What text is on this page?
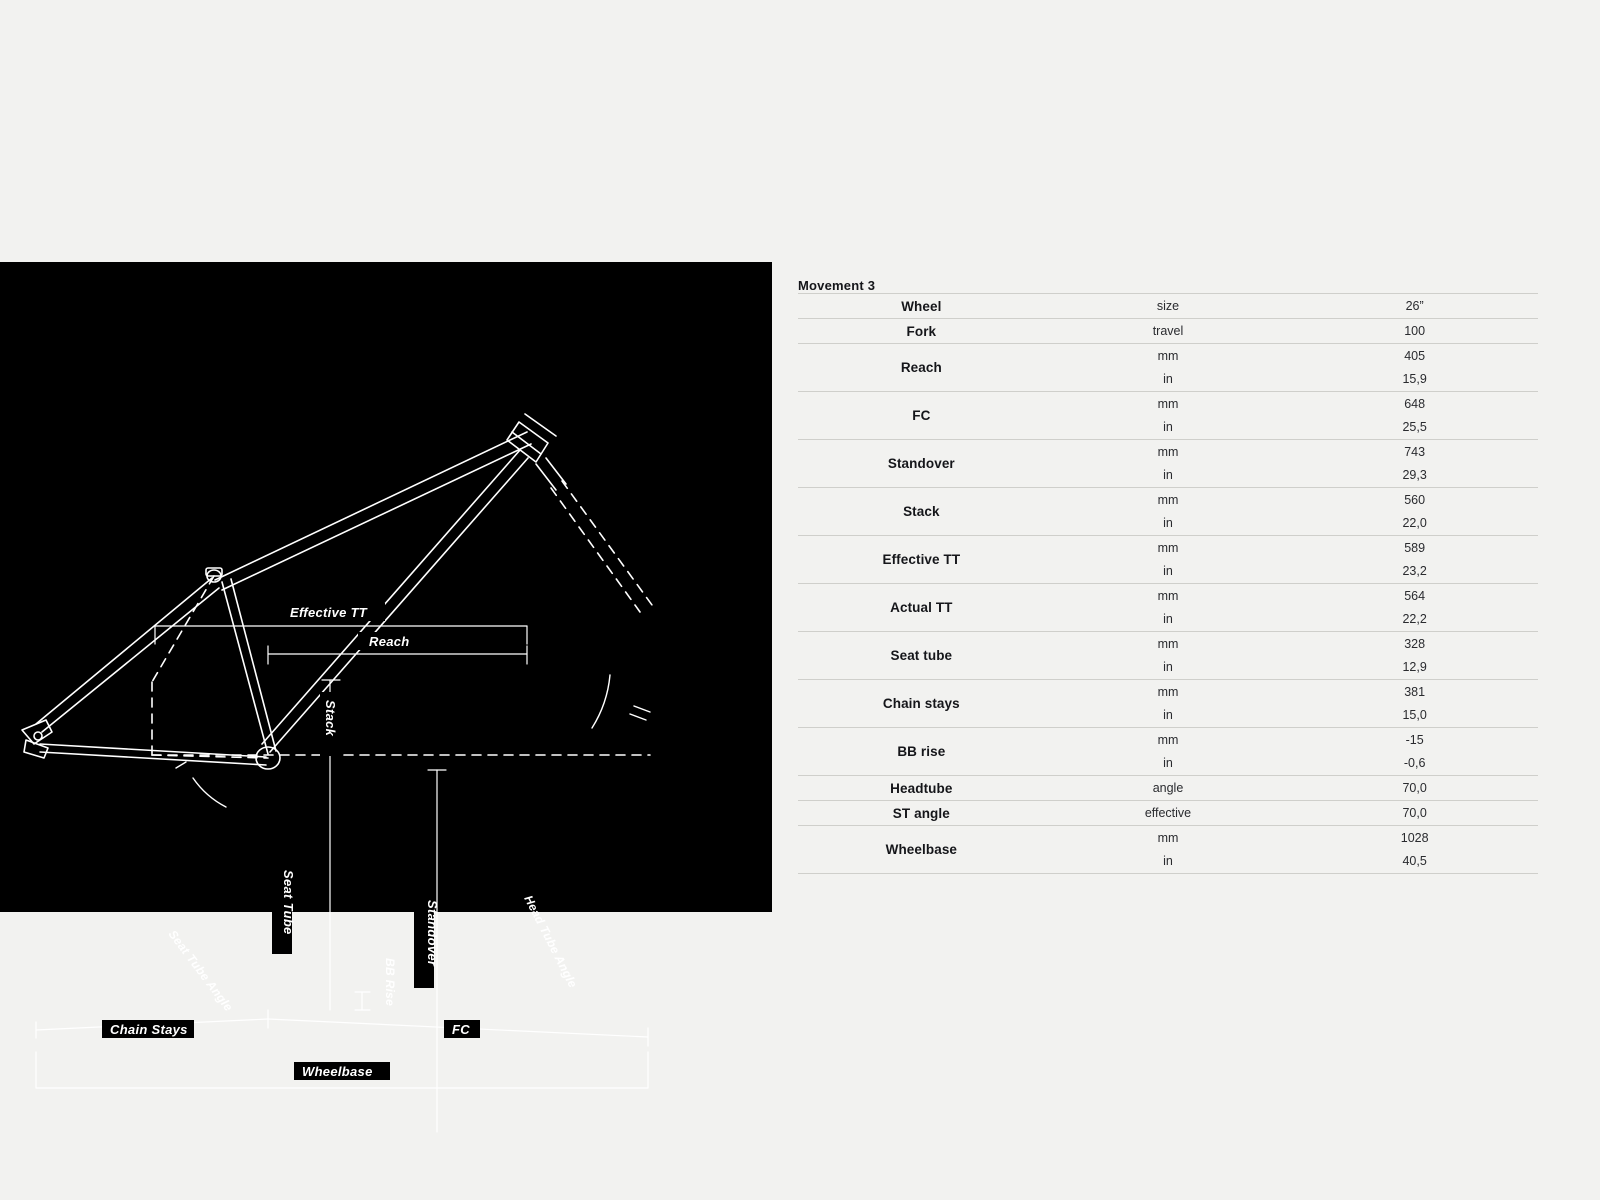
Effective TT
Reach
Stack
Seat Tube
Seat Tube Angle	Standover
BB Rise	Head Tube Angle
Chain Stays	FC
Wheelbase
Movement 3		
Wheel	size	26”
Fork	travel	100
Reach	mm	405
	in	15,9
FC	mm	648
	in	25,5
Standover	mm	743
	in	29,3
Stack	mm	560
	in	22,0
Effective TT	mm	589
	in	23,2
Actual TT	mm	564
	in	22,2
Seat tube	mm	328
	in	12,9
Chain stays	mm	381
	in	15,0
BB rise	mm	-15
	in	-0,6
Headtube	angle	70,0
ST angle	effective	70,0
Wheelbase	mm	1028
	in	40,5
